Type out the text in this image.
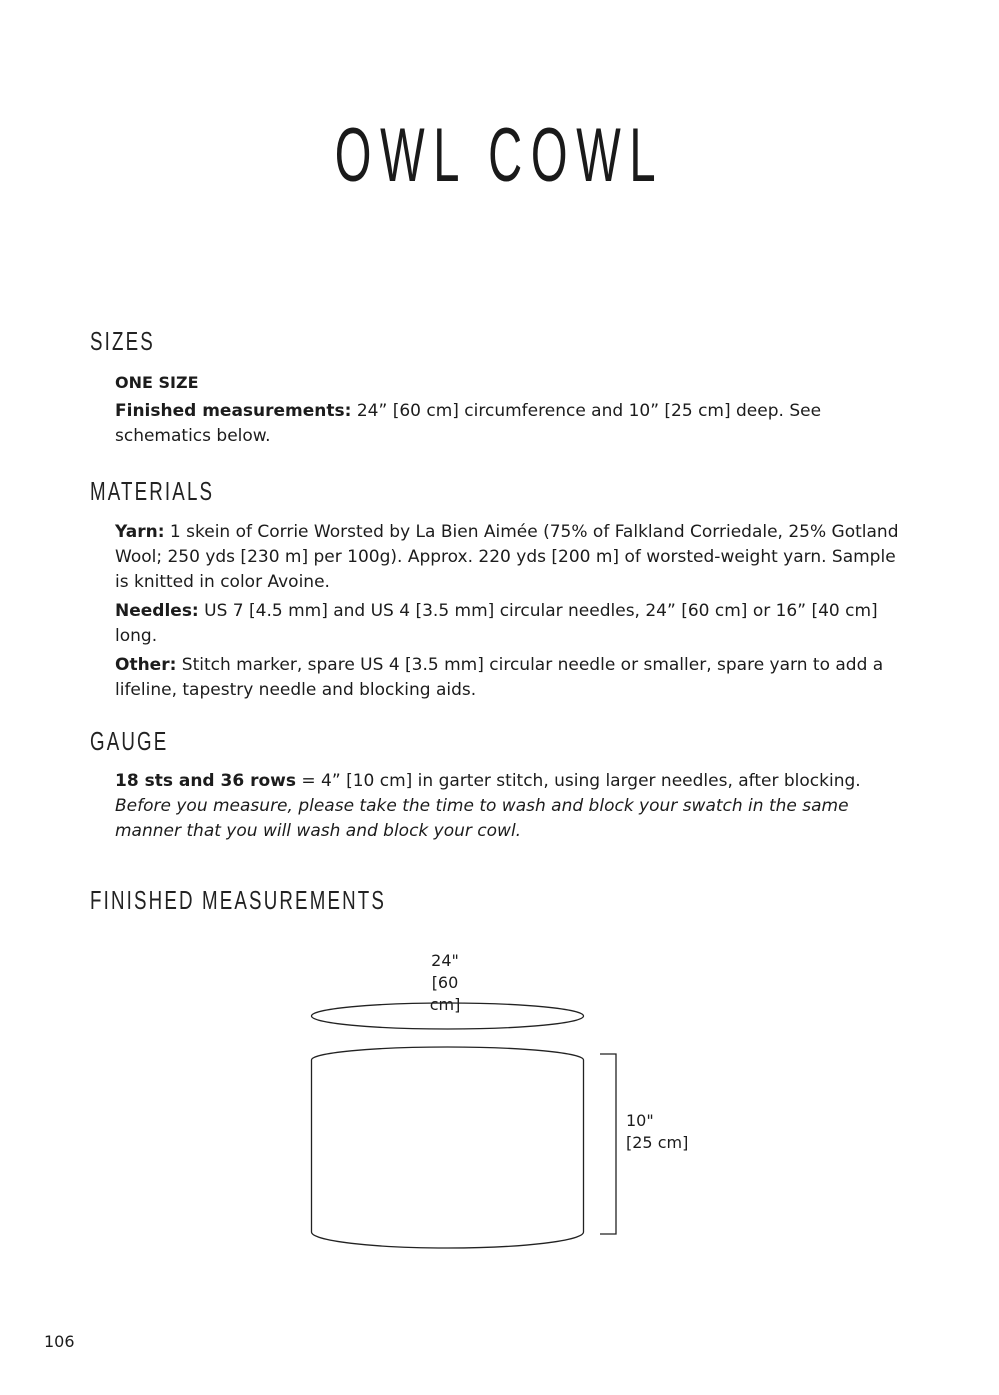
OWL COWL
SIZES

ONE SIZE

Finished measurements: 24” [60 cm] circumference and 10” [25 cm] deep. See schematics below.

MATERIALS

Yarn: 1 skein of Corrie Worsted by La Bien Aimée (75% of Falkland Corriedale, 25% Gotland Wool; 250 yds [230 m] per 100g). Approx. 220 yds [200 m] of worsted-weight yarn. Sample is knitted in color Avoine.

Needles: US 7 [4.5 mm] and US 4 [3.5 mm] circular needles, 24” [60 cm] or 16” [40 cm] long.

Other: Stitch marker, spare US 4 [3.5 mm] circular needle or smaller, spare yarn to add a lifeline, tapestry needle and blocking aids.

GAUGE

18 sts and 36 rows = 4” [10 cm] in garter stitch, using larger needles, after blocking.
Before you measure, please take the time to wash and block your swatch in the same manner that you will wash and block your cowl.

FINISHED MEASUREMENTS
24"
[60 cm]
10"
[25 cm]
106
